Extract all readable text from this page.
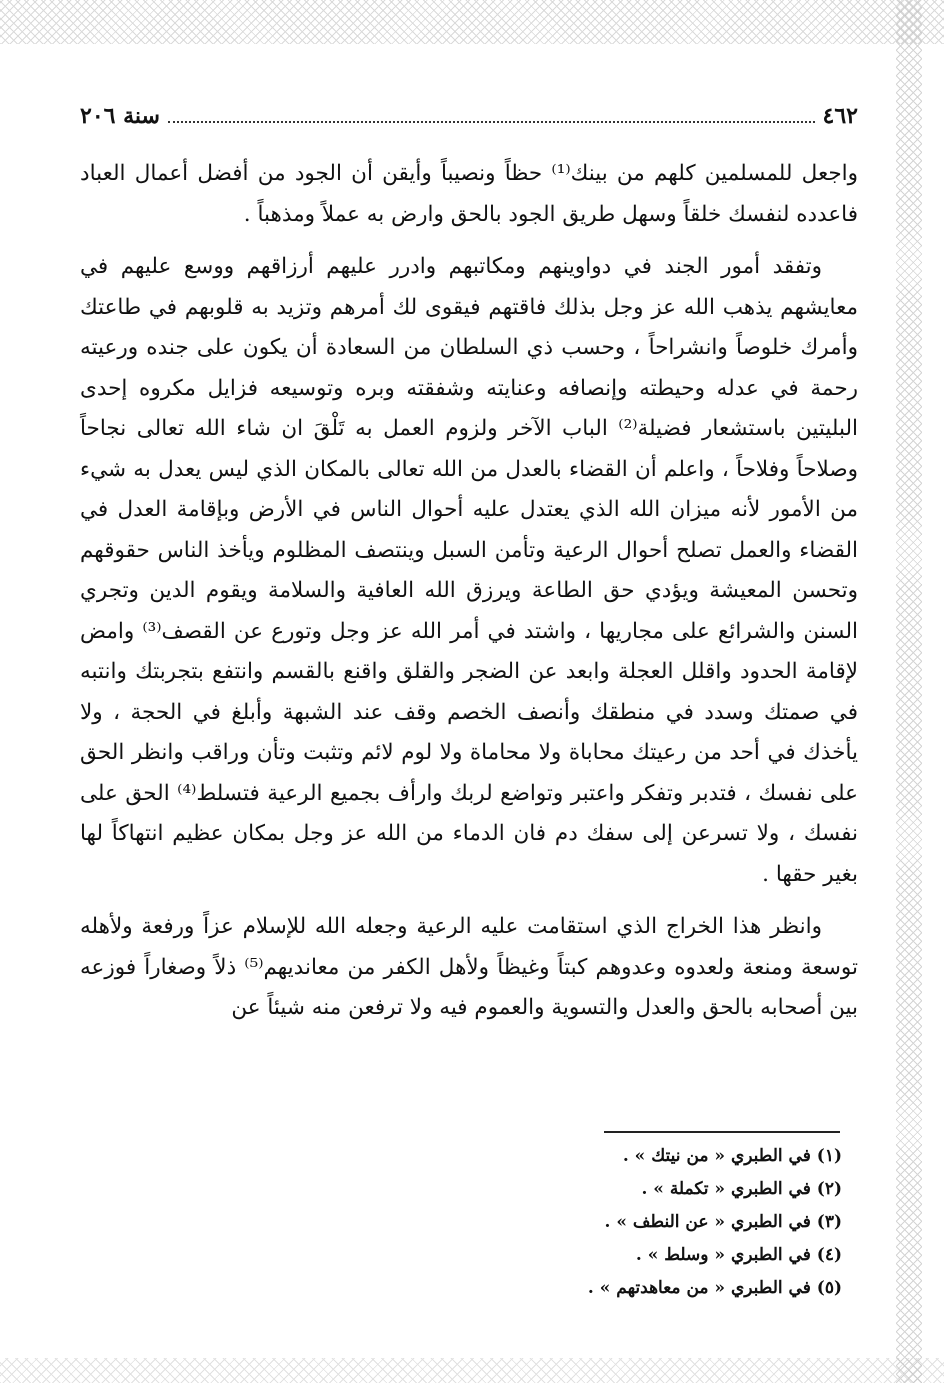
٤٦٢
سنة ٢٠٦

واجعل للمسلمين كلهم من بينك⁽¹⁾ حظاً ونصيباً وأيقن أن الجود من أفضل أعمال العباد فاعدده لنفسك خلقاً وسهل طريق الجود بالحق وارض به عملاً ومذهباً .

وتفقد أمور الجند في دواوينهم ومكاتبهم وادرر عليهم أرزاقهم ووسع عليهم في معايشهم يذهب الله عز وجل بذلك فاقتهم فيقوى لك أمرهم وتزيد به قلوبهم في طاعتك وأمرك خلوصاً وانشراحاً ، وحسب ذي السلطان من السعادة أن يكون على جنده ورعيته رحمة في عدله وحيطته وإنصافه وعنايته وشفقته وبره وتوسيعه فزايل مكروه إحدى البليتين باستشعار فضيلة⁽²⁾ الباب الآخر ولزوم العمل به تَلْقَ ان شاء الله تعالى نجاحاً وصلاحاً وفلاحاً ، واعلم أن القضاء بالعدل من الله تعالى بالمكان الذي ليس يعدل به شيء من الأمور لأنه ميزان الله الذي يعتدل عليه أحوال الناس في الأرض وبإقامة العدل في القضاء والعمل تصلح أحوال الرعية وتأمن السبل وينتصف المظلوم ويأخذ الناس حقوقهم وتحسن المعيشة ويؤدي حق الطاعة ويرزق الله العافية والسلامة ويقوم الدين وتجري السنن والشرائع على مجاريها ، واشتد في أمر الله عز وجل وتورع عن القصف⁽³⁾ وامض لإقامة الحدود واقلل العجلة وابعد عن الضجر والقلق واقنع بالقسم وانتفع بتجربتك وانتبه في صمتك وسدد في منطقك وأنصف الخصم وقف عند الشبهة وأبلغ في الحجة ، ولا يأخذك في أحد من رعيتك محاباة ولا محاماة ولا لوم لائم وتثبت وتأن وراقب وانظر الحق على نفسك ، فتدبر وتفكر واعتبر وتواضع لربك وارأف بجميع الرعية فتسلط⁽⁴⁾ الحق على نفسك ، ولا تسرعن إلى سفك دم فان الدماء من الله عز وجل بمكان عظيم انتهاكاً لها بغير حقها .

وانظر هذا الخراج الذي استقامت عليه الرعية وجعله الله للإسلام عزاً ورفعة ولأهله توسعة ومنعة ولعدوه وعدوهم كبتاً وغيظاً ولأهل الكفر من معانديهم⁽⁵⁾ ذلاً وصغاراً فوزعه بين أصحابه بالحق والعدل والتسوية والعموم فيه ولا ترفعن منه شيئاً عن

(١) في الطبري « من نيتك » .
(٢) في الطبري « تكملة » .
(٣) في الطبري « عن النطف » .
(٤) في الطبري « وسلط » .
(٥) في الطبري « من معاهدتهم » .
